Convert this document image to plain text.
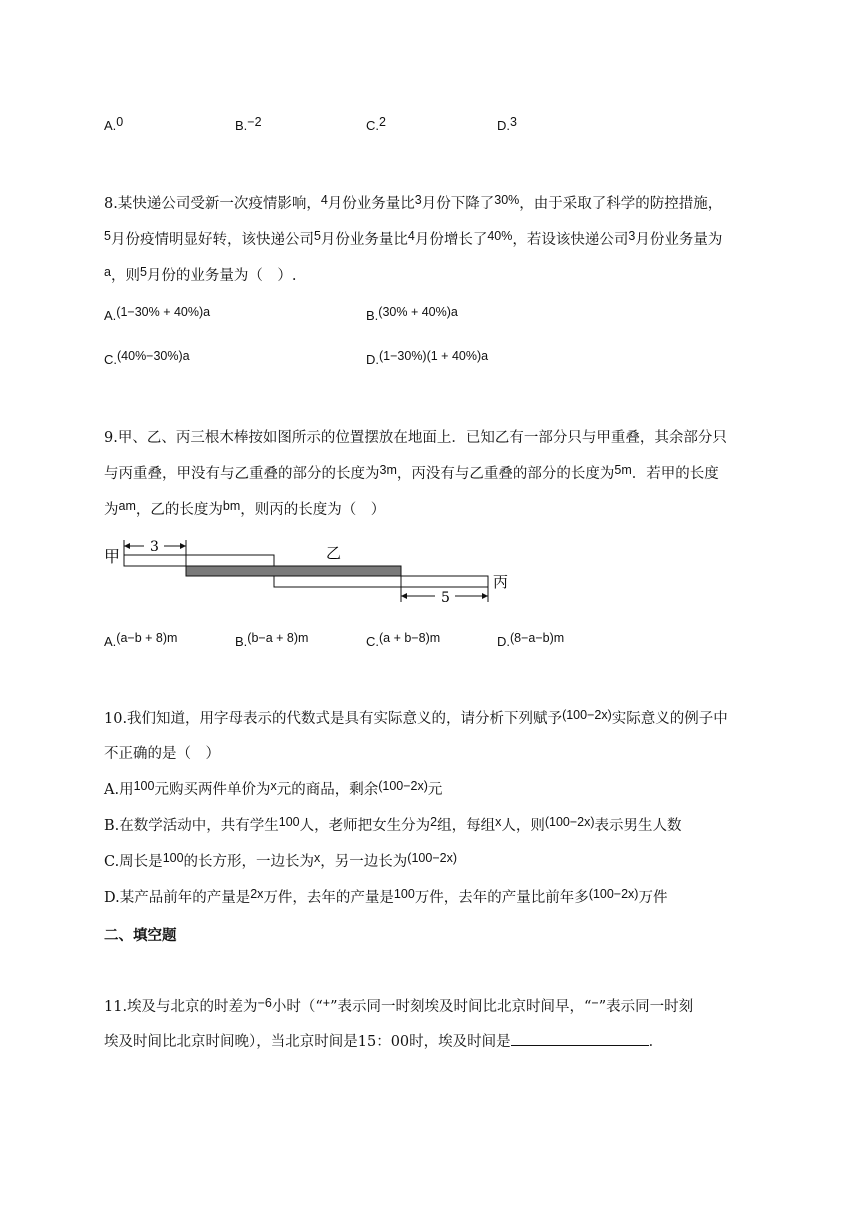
A.0	B.−2	C.2	D.3
8.某快递公司受新一次疫情影响，4月份业务量比3月份下降了30%，由于采取了科学的防控措施，
5月份疫情明显好转，该快递公司5月份业务量比4月份增长了40%，若设该快递公司3月份业务量为
a，则5月份的业务量为（　）.
A.(1−30% + 40%)a	B.(30% + 40%)a
C.(40%−30%)a	D.(1−30%)(1 + 40%)a
9.甲、乙、丙三根木棒按如图所示的位置摆放在地面上．已知乙有一部分只与甲重叠，其余部分只
与丙重叠，甲没有与乙重叠的部分的长度为3m，丙没有与乙重叠的部分的长度为5m．若甲的长度
为am，乙的长度为bm，则丙的长度为（　）
甲	乙
丙
3
5
A.(a−b + 8)m	B.(b−a + 8)m	C.(a + b−8)m	D.(8−a−b)m
10.我们知道，用字母表示的代数式是具有实际意义的，请分析下列赋予(100−2x)实际意义的例子中
不正确的是（　）
A.用100元购买两件单价为x元的商品，剩余(100−2x)元
B.在数学活动中，共有学生100人，老师把女生分为2组，每组x人，则(100−2x)表示男生人数
C.周长是100的长方形，一边长为x，另一边长为(100−2x)
D.某产品前年的产量是2x万件，去年的产量是100万件，去年的产量比前年多(100−2x)万件
二、填空题
11.埃及与北京的时差为−6小时（“+”表示同一时刻埃及时间比北京时间早，“−”表示同一时刻
埃及时间比北京时间晚），当北京时间是15：00时，埃及时间是	．
